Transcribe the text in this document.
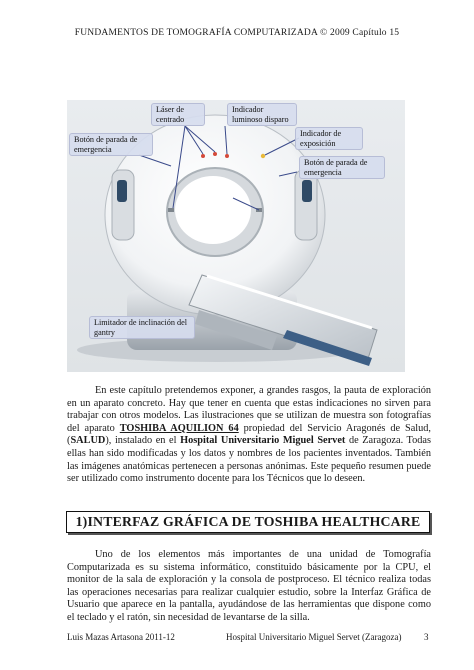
FUNDAMENTOS DE TOMOGRAFÍA COMPUTARIZADA © 2009 Capítulo 15
Láser de centrado
Indicador luminoso disparo
Botón de parada de emergencia
Indicador de exposición
Botón de parada de emergencia
Limitador de inclinación del gantry

En este capítulo pretendemos exponer, a grandes rasgos, la pauta de exploración en un aparato concreto. Hay que tener en cuenta que estas indicaciones no sirven para trabajar con otros modelos. Las ilustraciones que se utilizan de muestra son fotografías del aparato TOSHIBA AQUILION 64 propiedad del Servicio Aragonés de Salud, (SALUD), instalado en el Hospital Universitario Miguel Servet de Zaragoza. Todas ellas han sido modificadas y los datos y nombres de los pacientes inventados. También las imágenes anatómicas pertenecen a personas anónimas. Este pequeño resumen puede ser utilizado como instrumento docente para los Técnicos que lo deseen.

1)INTERFAZ GRÁFICA DE TOSHIBA HEALTHCARE

Uno de los elementos más importantes de una unidad de Tomografía Computarizada es su sistema informático, constituido básicamente por la CPU, el monitor de la sala de exploración y la consola de postproceso. El técnico realiza todas las operaciones necesarias para realizar cualquier estudio, sobre la Interfaz Gráfica de Usuario que aparece en la pantalla, ayudándose de las herramientas que dispone como el teclado y el ratón, sin necesidad de levantarse de la silla.

Luis Mazas Artasona 2011-12	Hospital Universitario Miguel Servet (Zaragoza)	3
